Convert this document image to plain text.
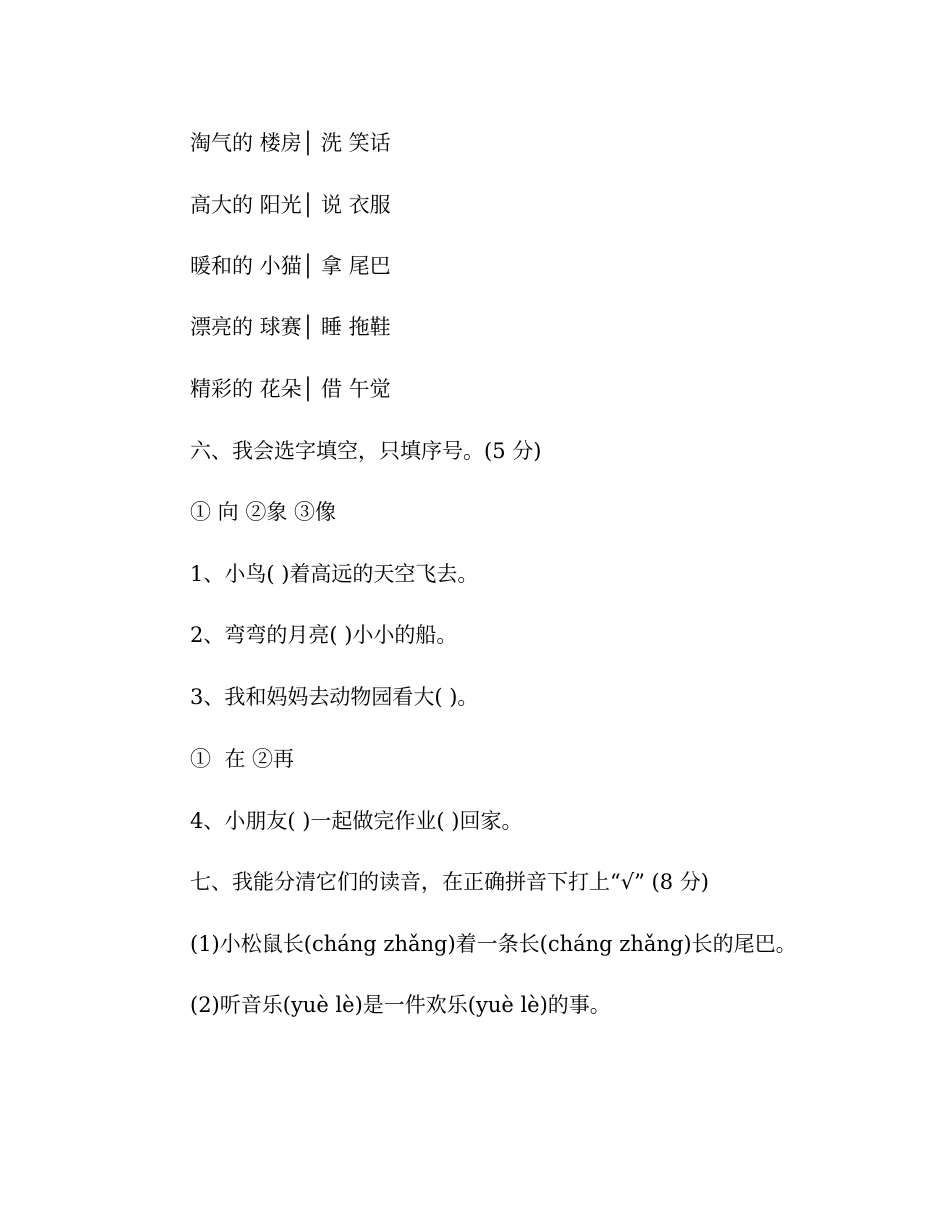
淘气的 楼房│ 洗 笑话
高大的 阳光│ 说 衣服
暖和的 小猫│ 拿 尾巴
漂亮的 球赛│ 睡 拖鞋
精彩的 花朵│ 借 午觉
六、我会选字填空，只填序号。(5 分)
① 向 ②象 ③像
1、小鸟( )着高远的天空飞去。
2、弯弯的月亮( )小小的船。
3、我和妈妈去动物园看大( )。
①  在 ②再
4、小朋友( )一起做完作业( )回家。
七、我能分清它们的读音，在正确拼音下打上“√” (8 分)
(1)小松鼠长(cháng zhǎng)着一条长(cháng zhǎng)长的尾巴。
(2)听音乐(yuè lè)是一件欢乐(yuè lè)的事。
